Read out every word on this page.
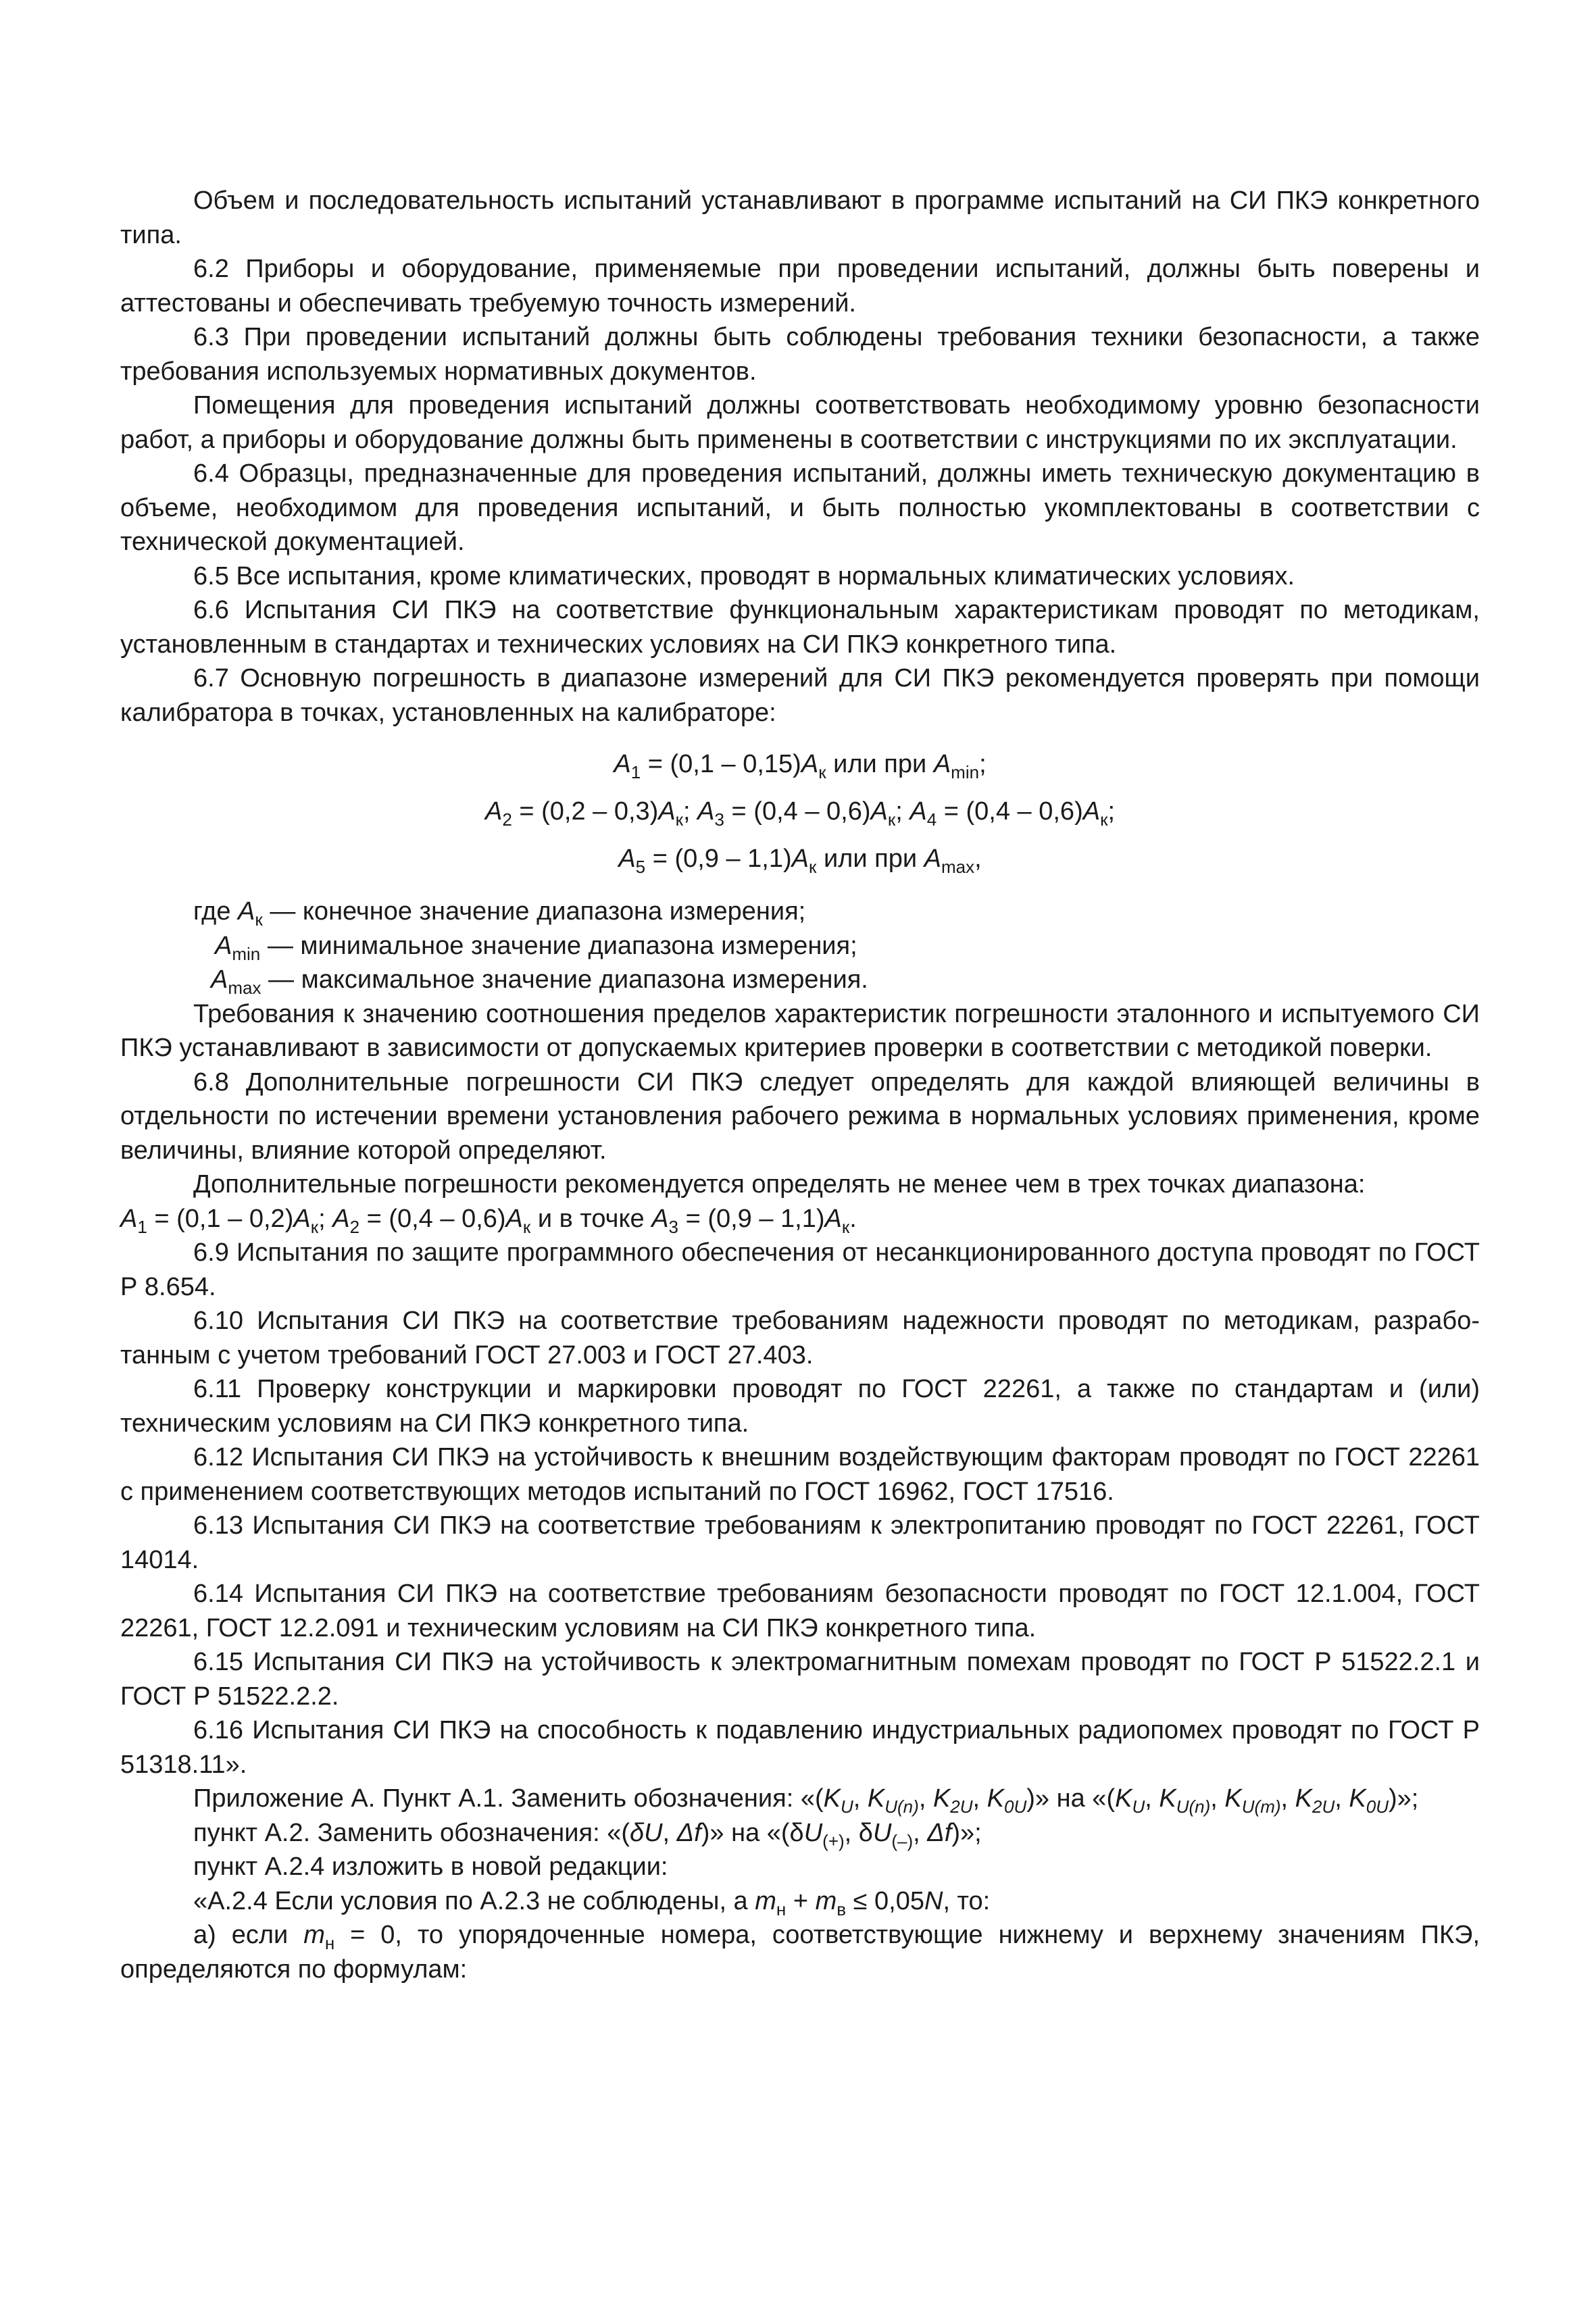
Объем и последовательность испытаний устанавливают в программе испытаний на СИ ПКЭ конкретного типа.

6.2 Приборы и оборудование, применяемые при проведении испытаний, должны быть поверены и аттестованы и обеспечивать требуемую точность измерений.

6.3 При проведении испытаний должны быть соблюдены требования техники безопасности, а также требования используемых нормативных документов.

Помещения для проведения испытаний должны соответствовать необходимому уровню безопасности работ, а приборы и оборудование должны быть применены в соответствии с инструкциями по их эксплуатации.

6.4 Образцы, предназначенные для проведения испытаний, должны иметь техническую документацию в объеме, необходимом для проведения испытаний, и быть полностью укомплектованы в соответствии с технической документацией.

6.5 Все испытания, кроме климатических, проводят в нормальных климатических условиях.

6.6 Испытания СИ ПКЭ на соответствие функциональным характеристикам проводят по методикам, установленным в стандартах и технических условиях на СИ ПКЭ конкретного типа.

6.7 Основную погрешность в диапазоне измерений для СИ ПКЭ рекомендуется проверять при помощи калибратора в точках, установленных на калибраторе:

$A_1 = (0,1 - 0,15)A_к$ или при $A_{min}$;
$A_2 = (0,2 - 0,3)A_к$; $A_3 = (0,4 - 0,6)A_к$; $A_4 = (0,4 - 0,6)A_к$;
$A_5 = (0,9 - 1,1)A_к$ или при $A_{max}$,

где $A_к$ — конечное значение диапазона измерения;

$A_{min}$ — минимальное значение диапазона измерения;

$A_{max}$ — максимальное значение диапазона измерения.

Требования к значению соотношения пределов характеристик погрешности эталонного и испытуемого СИ ПКЭ устанавливают в зависимости от допускаемых критериев проверки в соответствии с методикой поверки.

6.8 Дополнительные погрешности СИ ПКЭ следует определять для каждой влияющей величины в отдельности по истечении времени установления рабочего режима в нормальных условиях применения, кроме величины, влияние которой определяют.

Дополнительные погрешности рекомендуется определять не менее чем в трех точках диапазона:

$A_1 = (0,1 - 0,2)A_к$; $A_2 = (0,4 - 0,6)A_к$ и в точке $A_3 = (0,9 - 1,1)A_к$.

6.9 Испытания по защите программного обеспечения от несанкционированного доступа проводят по ГОСТ Р 8.654.

6.10 Испытания СИ ПКЭ на соответствие требованиям надежности проводят по методикам, разработанным с учетом требований ГОСТ 27.003 и ГОСТ 27.403.

6.11 Проверку конструкции и маркировки проводят по ГОСТ 22261, а также по стандартам и (или) техническим условиям на СИ ПКЭ конкретного типа.

6.12 Испытания СИ ПКЭ на устойчивость к внешним воздействующим факторам проводят по ГОСТ 22261 с применением соответствующих методов испытаний по ГОСТ 16962, ГОСТ 17516.

6.13 Испытания СИ ПКЭ на соответствие требованиям к электропитанию проводят по ГОСТ 22261, ГОСТ 14014.

6.14 Испытания СИ ПКЭ на соответствие требованиям безопасности проводят по ГОСТ 12.1.004, ГОСТ 22261, ГОСТ 12.2.091 и техническим условиям на СИ ПКЭ конкретного типа.

6.15 Испытания СИ ПКЭ на устойчивость к электромагнитным помехам проводят по ГОСТ Р 51522.2.1 и ГОСТ Р 51522.2.2.

6.16 Испытания СИ ПКЭ на способность к подавлению индустриальных радиопомех проводят по ГОСТ Р 51318.11».

Приложение А. Пункт А.1. Заменить обозначения: «($K_U$, $K_{U(n)}$, $K_{2U}$, $K_{0U}$)» на «($K_U$, $K_{U(n)}$, $K_{U(m)}$, $K_{2U}$, $K_{0U}$)»;

пункт А.2. Заменить обозначения: «(δU, Δf)» на «($\delta U_{(+)}$, $\delta U_{(-)}$, Δf)»;

пункт А.2.4 изложить в новой редакции:

«А.2.4 Если условия по А.2.3 не соблюдены, а $m_н + m_в \le 0,05N$, то:

а) если $m_н = 0$, то упорядоченные номера, соответствующие нижнему и верхнему значениям ПКЭ, определяются по формулам:
